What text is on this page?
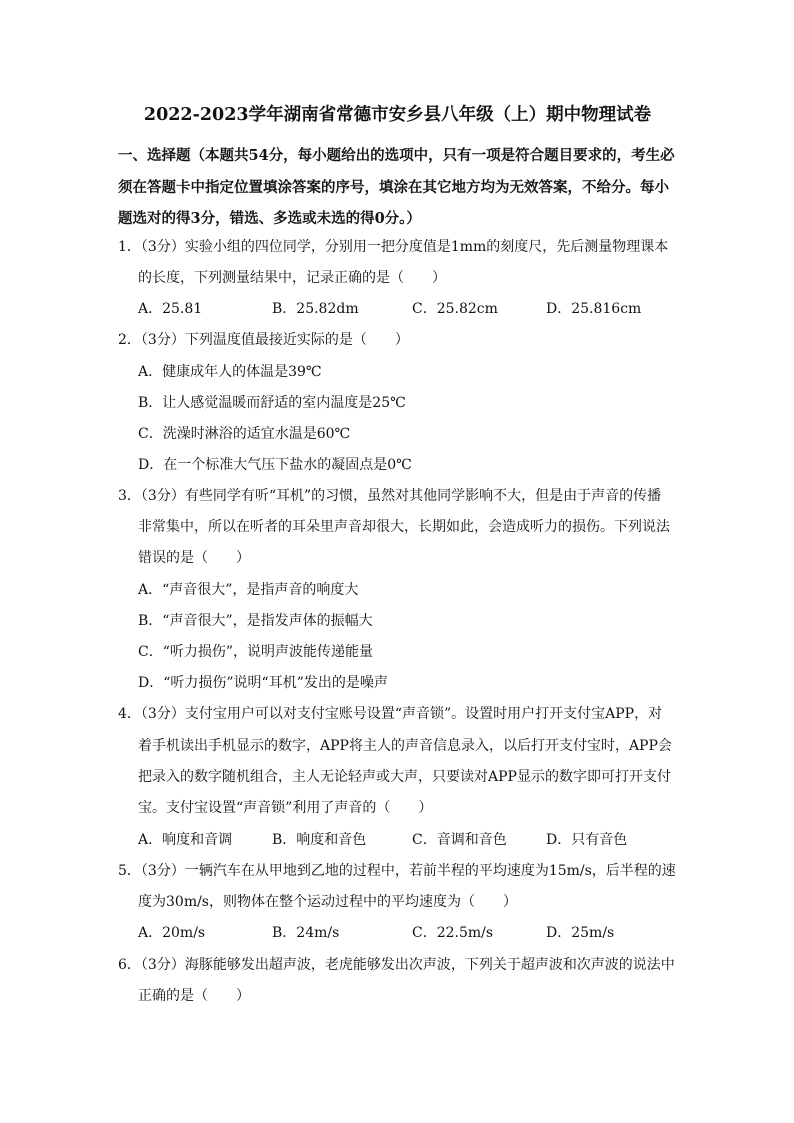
2022-2023学年湖南省常德市安乡县八年级（上）期中物理试卷
一、选择题（本题共54分，每小题给出的选项中，只有一项是符合题目要求的，考生必须在答题卡中指定位置填涂答案的序号，填涂在其它地方均为无效答案，不给分。每小题选对的得3分，错选、多选或未选的得0分。）
1．（3分）实验小组的四位同学，分别用一把分度值是1mm的刻度尺，先后测量物理课本
的长度，下列测量结果中，记录正确的是（　　）
A．25.81	B．25.82dm	C．25.82cm	D．25.816cm
2．（3分）下列温度值最接近实际的是（　　）
A．健康成年人的体温是39℃
B．让人感觉温暖而舒适的室内温度是25℃
C．洗澡时淋浴的适宜水温是60℃
D．在一个标准大气压下盐水的凝固点是0℃
3．（3分）有些同学有听“耳机”的习惯，虽然对其他同学影响不大，但是由于声音的传播
非常集中，所以在听者的耳朵里声音却很大，长期如此，会造成听力的损伤。下列说法
错误的是（　　）
A．“声音很大”，是指声音的响度大
B．“声音很大”，是指发声体的振幅大
C．“听力损伤”，说明声波能传递能量
D．“听力损伤”说明“耳机”发出的是噪声
4．（3分）支付宝用户可以对支付宝账号设置“声音锁”。设置时用户打开支付宝APP，对
着手机读出手机显示的数字，APP将主人的声音信息录入，以后打开支付宝时，APP会
把录入的数字随机组合，主人无论轻声或大声，只要读对APP显示的数字即可打开支付
宝。支付宝设置“声音锁”利用了声音的（　　）
A．响度和音调	B．响度和音色	C．音调和音色	D．只有音色
5．（3分）一辆汽车在从甲地到乙地的过程中，若前半程的平均速度为15m/s，后半程的速
度为30m/s，则物体在整个运动过程中的平均速度为（　　）
A．20m/s	B．24m/s	C．22.5m/s	D．25m/s
6．（3分）海豚能够发出超声波，老虎能够发出次声波，下列关于超声波和次声波的说法中
正确的是（　　）
